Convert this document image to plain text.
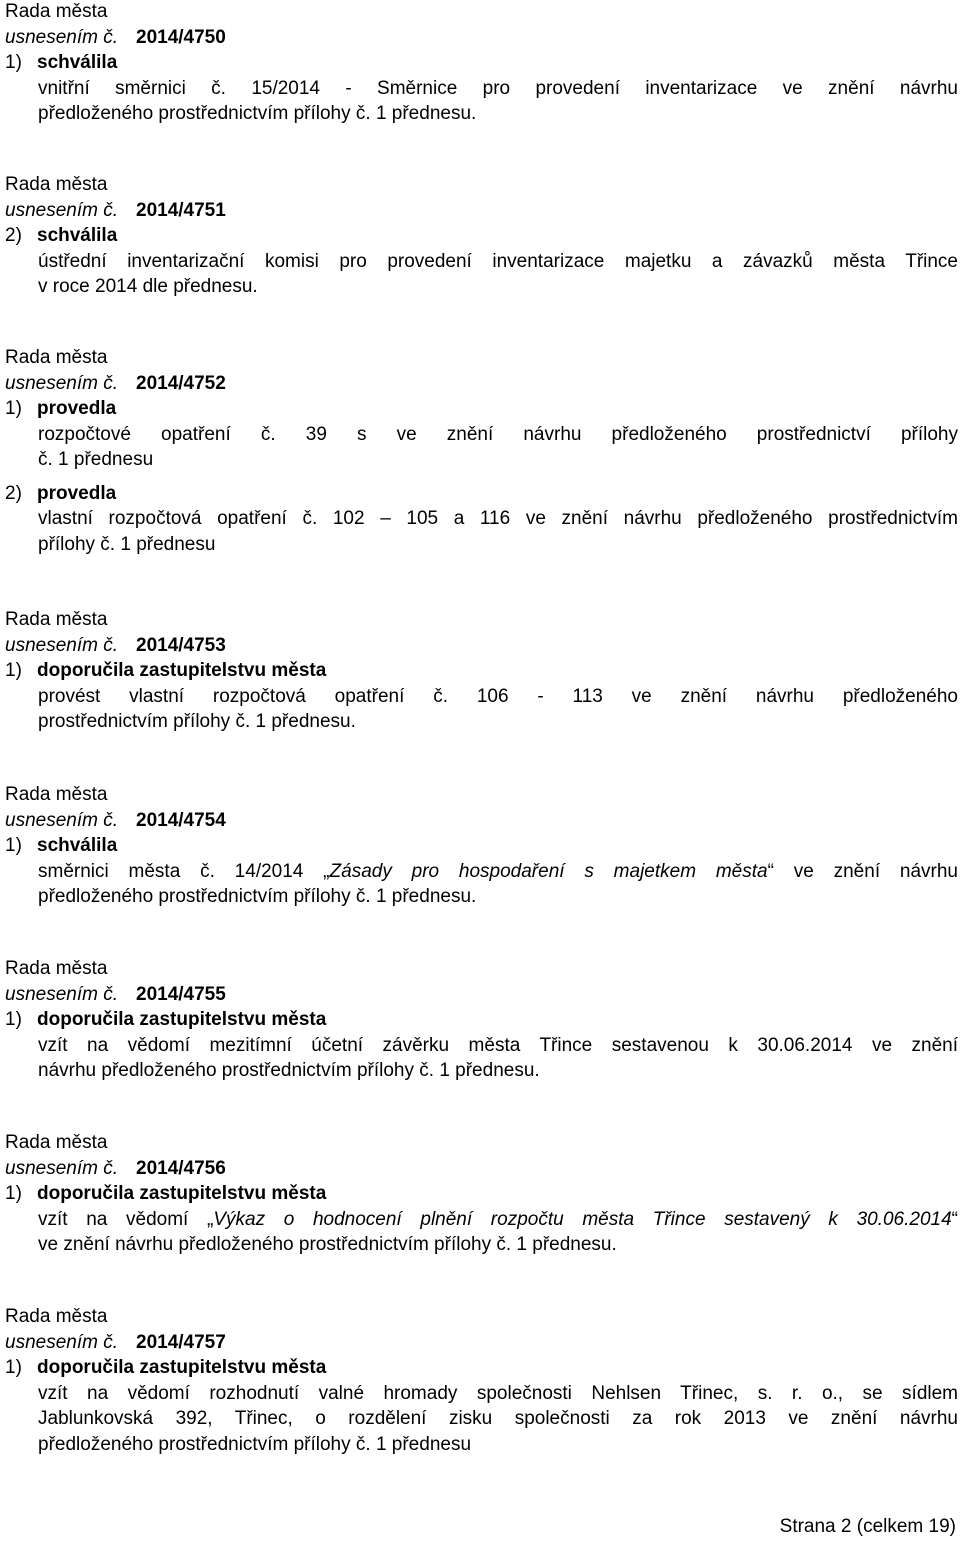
Rada města
usnesením č. 2014/4750
1) schválila
vnitřní směrnici č. 15/2014 - Směrnice pro provedení inventarizace ve znění návrhu
předloženého prostřednictvím přílohy č. 1 přednesu.
Rada města
usnesením č. 2014/4751
2) schválila
ústřední inventarizační komisi pro provedení inventarizace majetku a závazků města Třince
v roce 2014 dle přednesu.
Rada města
usnesením č. 2014/4752
1) provedla
rozpočtové opatření č. 39 s ve znění návrhu předloženého prostřednictví přílohy
č. 1 přednesu
2) provedla
vlastní rozpočtová opatření č. 102 – 105 a 116 ve znění návrhu předloženého prostřednictvím
přílohy č. 1 přednesu
Rada města
usnesením č. 2014/4753
1) doporučila zastupitelstvu města
provést vlastní rozpočtová opatření č. 106 - 113 ve znění návrhu předloženého
prostřednictvím přílohy č. 1 přednesu.
Rada města
usnesením č. 2014/4754
1) schválila
směrnici města č. 14/2014 „Zásady pro hospodaření s majetkem města“ ve znění návrhu
předloženého prostřednictvím přílohy č. 1 přednesu.
Rada města
usnesením č. 2014/4755
1) doporučila zastupitelstvu města
vzít na vědomí mezitímní účetní závěrku města Třince sestavenou k 30.06.2014 ve znění
návrhu předloženého prostřednictvím přílohy č. 1 přednesu.
Rada města
usnesením č. 2014/4756
1) doporučila zastupitelstvu města
vzít na vědomí „Výkaz o hodnocení plnění rozpočtu města Třince sestavený k 30.06.2014“
ve znění návrhu předloženého prostřednictvím přílohy č. 1 přednesu.
Rada města
usnesením č. 2014/4757
1) doporučila zastupitelstvu města
vzít na vědomí rozhodnutí valné hromady společnosti Nehlsen Třinec, s. r. o., se sídlem
Jablunkovská 392, Třinec, o rozdělení zisku společnosti za rok 2013 ve znění návrhu
předloženého prostřednictvím přílohy č. 1 přednesu
Strana 2 (celkem 19)
